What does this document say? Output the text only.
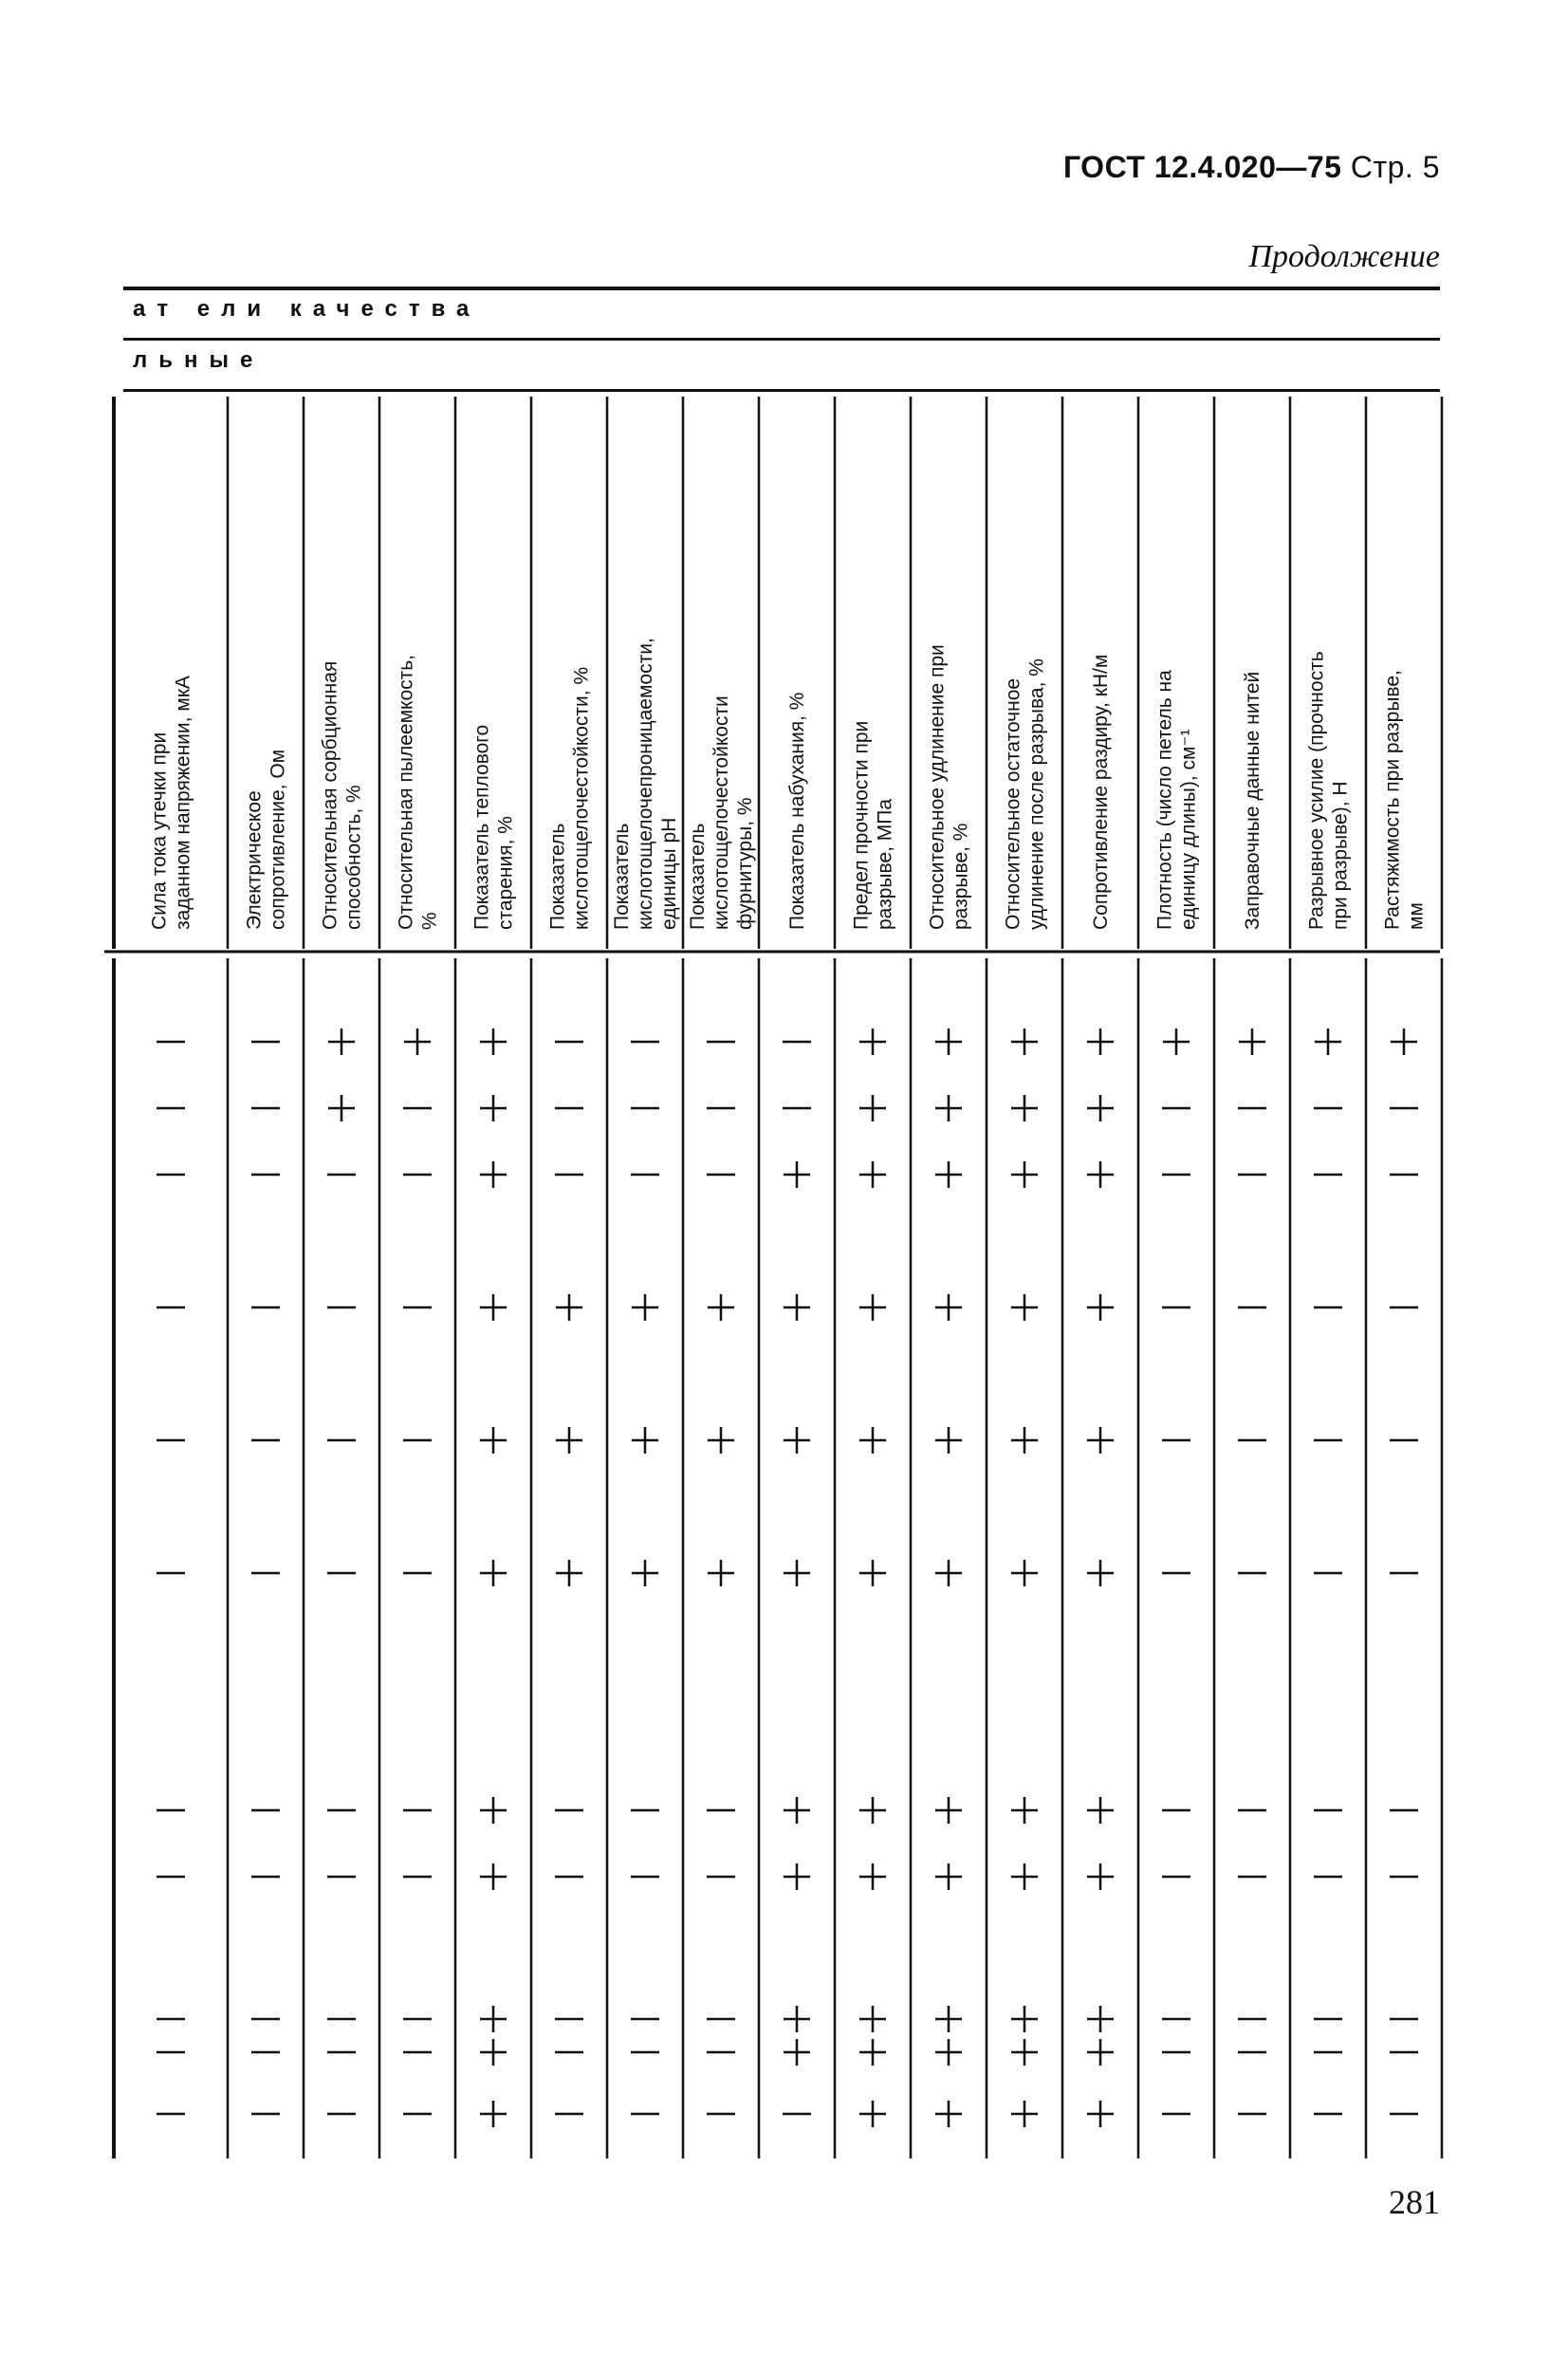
ГОСТ 12.4.020—75 Стр. 5
Продолжение
ат ели качества
льные
Сила тока утечки призаданном напряжении, мкА Электрическоесопротивление, Ом Относительная сорбционнаяспособность, % Относительная пылеемкость,% Показатель тепловогостарения, % Показателькислотощелочестойкости, % Показателькислотощелочепроницаемости,единицы pH Показателькислотощелочестойкостифурнитуры, % Показатель набухания, % Предел прочности приразрыве, МПа Относительное удлинение приразрыве, % Относительное остаточноеудлинение после разрыва, % Сопротивление раздиру, кН/м Плотность (число петель наединицу длины), см⁻¹ Заправочные данные нитей Разрывное усилие (прочностьпри разрыве), Н Растяжимость при разрыве,мм
281
